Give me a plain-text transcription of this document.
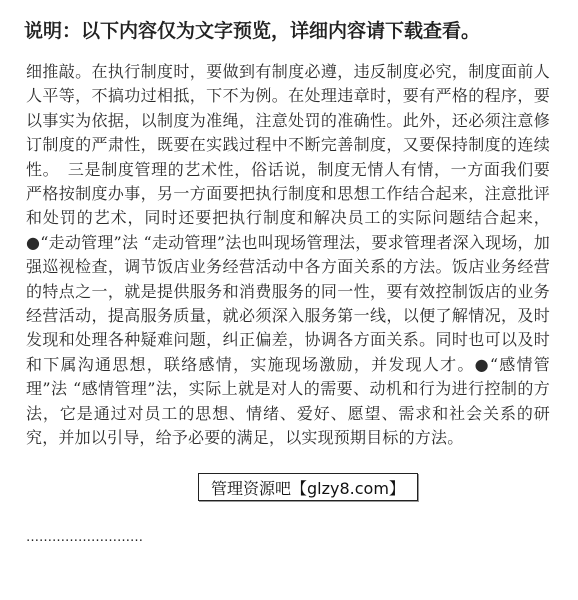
说明：以下内容仅为文字预览，详细内容请下载查看。

细推敲。在执行制度时，要做到有制度必遵，违反制度必究，制度面前人人平等，不搞功过相抵，下不为例。在处理违章时，要有严格的程序，要以事实为依据，以制度为准绳，注意处罚的准确性。此外，还必须注意修订制度的严肃性，既要在实践过程中不断完善制度，又要保持制度的连续性。　三是制度管理的艺术性，俗话说，制度无情人有情，一方面我们要严格按制度办事，另一方面要把执行制度和思想工作结合起来，注意批评和处罚的艺术，同时还要把执行制度和解决员工的实际问题结合起来，●“走动管理”法 “走动管理”法也叫现场管理法，要求管理者深入现场，加强巡视检查，调节饭店业务经营活动中各方面关系的方法。饭店业务经营的特点之一，就是提供服务和消费服务的同一性，要有效控制饭店的业务经营活动，提高服务质量，就必须深入服务第一线，以便了解情况，及时发现和处理各种疑难问题，纠正偏差，协调各方面关系。同时也可以及时和下属沟通思想，联络感情，实施现场激励，并发现人才。●“感情管理”法 “感情管理”法，实际上就是对人的需要、动机和行为进行控制的方法，它是通过对员工的思想、情绪、爱好、愿望、需求和社会关系的研究，并加以引导，给予必要的满足，以实现预期目标的方法。

………………………
管理资源吧【glzy8.com】
